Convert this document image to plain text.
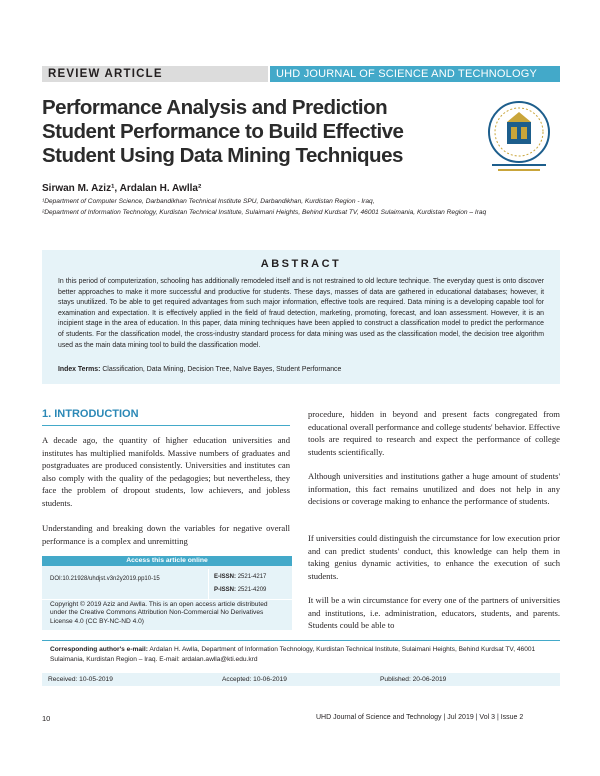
REVIEW ARTICLE	UHD JOURNAL OF SCIENCE AND TECHNOLOGY
Performance Analysis and Prediction Student Performance to Build Effective Student Using Data Mining Techniques
Sirwan M. Aziz¹, Ardalan H. Awlla²
¹Department of Computer Science, Darbandikhan Technical Institute SPU, Darbandikhan, Kurdistan Region - Iraq,
²Department of Information Technology, Kurdistan Technical Institute, Sulaimani Heights, Behind Kurdsat TV, 46001 Sulaimania, Kurdistan Region – Iraq
ABSTRACT
In this period of computerization, schooling has additionally remodeled itself and is not restrained to old lecture technique. The everyday quest is onto discover better approaches to make it more successful and productive for students. These days, masses of data are gathered in educational databases; however, it stays unutilized. To be able to get required advantages from such major information, effective tools are required. Data mining is a developing capable tool for examination and expectation. It is effectively applied in the field of fraud detection, marketing, promoting, forecast, and loan assessment. However, it is an incipient stage in the area of education. In this paper, data mining techniques have been applied to construct a classification model to predict the performance of students. For the classification model, the cross-industry standard process for data mining was used as the classification model, the decision tree algorithm used as the main data mining tool to build the classification model.
Index Terms: Classification, Data Mining, Decision Tree, Naïve Bayes, Student Performance
1. INTRODUCTION
A decade ago, the quantity of higher education universities and institutes has multiplied manifolds. Massive numbers of graduates and postgraduates are produced consistently. Universities and institutes can also comply with the quality of the pedagogies; but nevertheless, they face the problem of dropout students, low achievers, and jobless students.
Understanding and breaking down the variables for negative overall performance is a complex and unremitting
procedure, hidden in beyond and present facts congregated from educational overall performance and college students' behavior. Effective tools are required to research and expect the performance of college students scientifically.
Although universities and institutions gather a huge amount of students' information, this fact remains unutilized and does not help in any decisions or coverage making to enhance the performance of students.
If universities could distinguish the circumstance for low execution prior and can predict students' conduct, this knowledge can help them in taking genius dynamic activities, to enhance the execution of such students.
It will be a win circumstance for every one of the partners of universities and institutions, i.e. administration, educators, students, and parents. Students could be able to
Access this article online
DOI:10.21928/uhdjst.v3n2y2019.pp10-15	E-ISSN: 2521-4217
P-ISSN: 2521-4209
Copyright © 2019 Aziz and Awlla. This is an open access article distributed under the Creative Commons Attribution Non-Commercial No Derivatives License 4.0 (CC BY-NC-ND 4.0)
Corresponding author's e-mail: Ardalan H. Awlla, Department of Information Technology, Kurdistan Technical Institute, Sulaimani Heights, Behind Kurdsat TV, 46001 Sulaimania, Kurdistan Region – Iraq. E-mail: ardalan.awlla@kti.edu.krd
Received: 10-05-2019	Accepted: 10-06-2019	Published: 20-06-2019
10	UHD Journal of Science and Technology | Jul 2019 | Vol 3 | Issue 2
